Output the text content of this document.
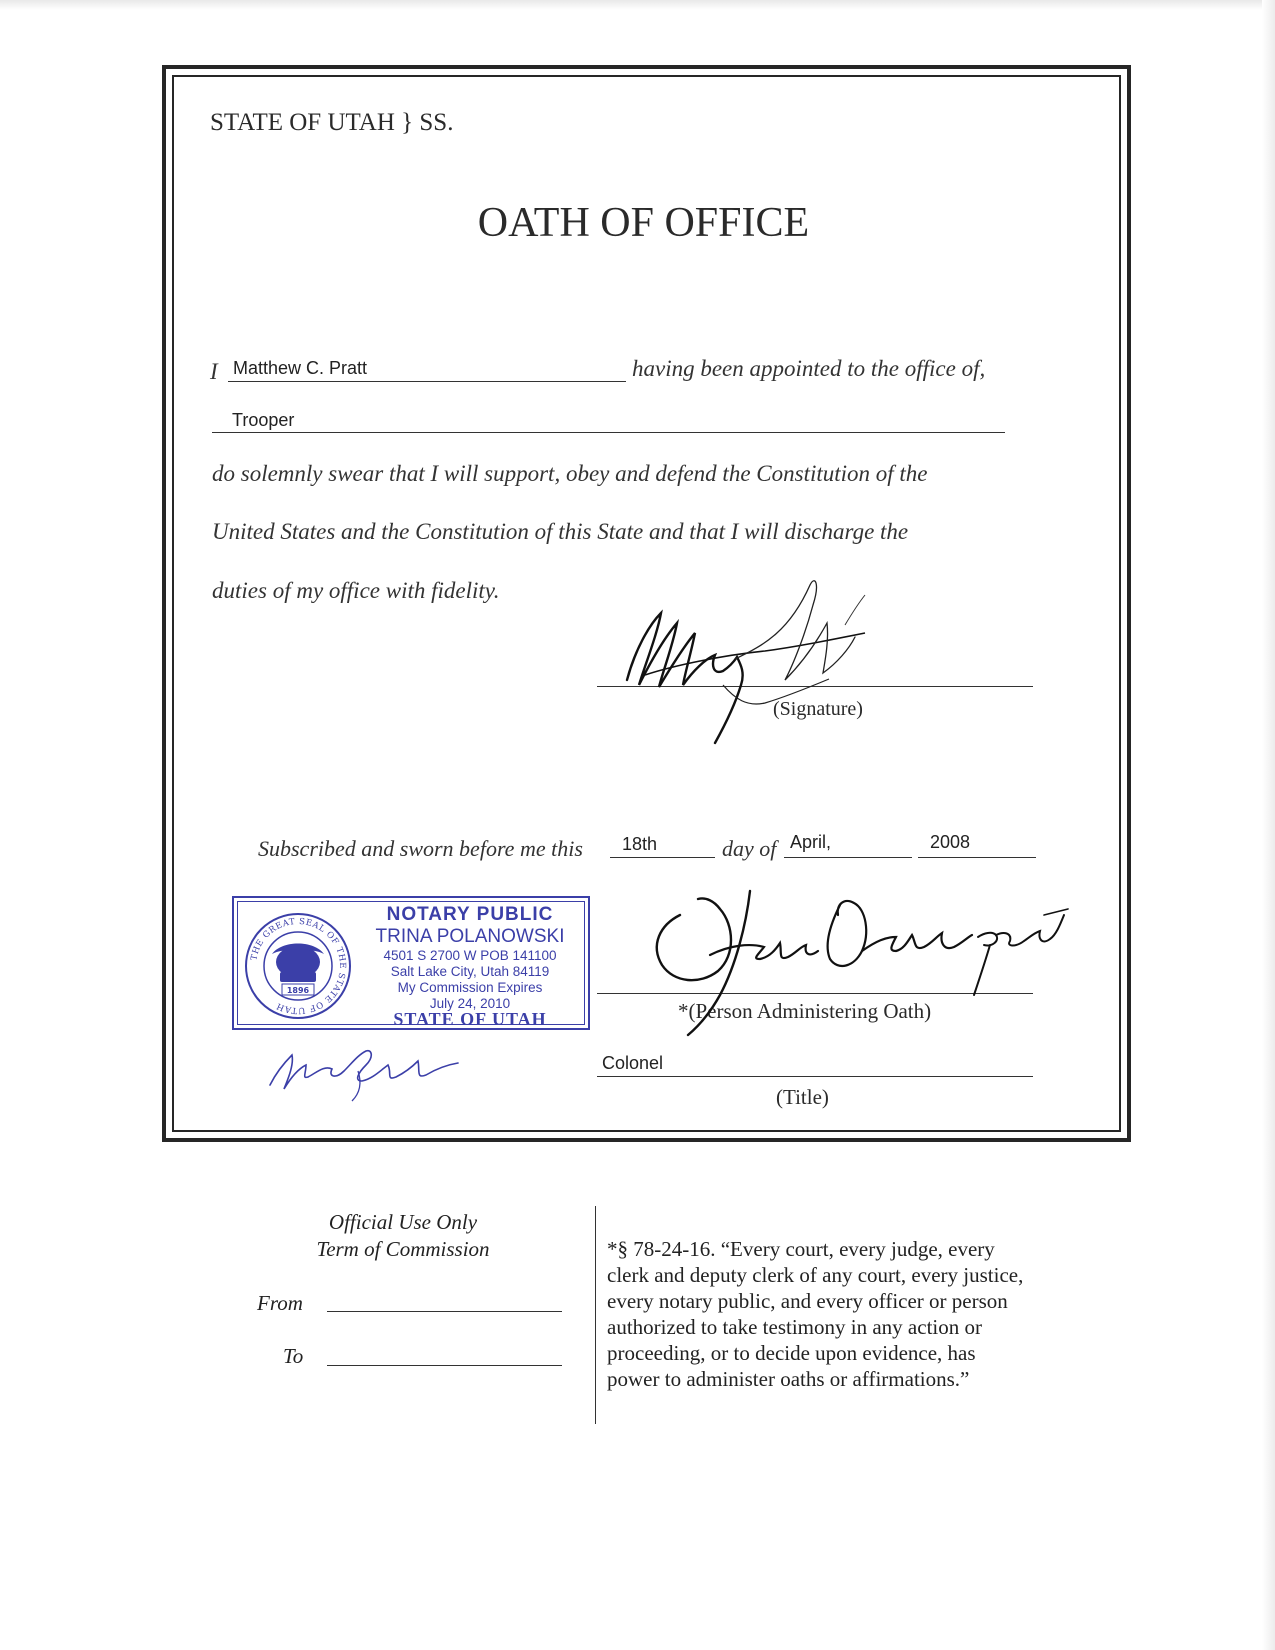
STATE OF UTAH } SS.
OATH OF OFFICE
I Matthew C. Pratt	having been appointed to the office of,
Trooper
do solemnly swear that I will support, obey and defend the Constitution of the
United States and the Constitution of this State and that I will discharge the
duties of my office with fidelity.
(Signature)
Subscribed and sworn before me this 18th	day of April,	2008
THE GREAT SEAL OF THE STATE OF UTAH
1896
NOTARY PUBLIC
TRINA POLANOWSKI
4501 S 2700 W POB 141100
Salt Lake City, Utah 84119
My Commission Expires
July 24, 2010
STATE OF UTAH	*(Person Administering Oath)
Colonel
(Title)
Official Use Only
Term of Commission
From
To
*§ 78-24-16. “Every court, every judge, every
clerk and deputy clerk of any court, every justice,
every notary public, and every officer or person
authorized to take testimony in any action or
proceeding, or to decide upon evidence, has
power to administer oaths or affirmations.”
